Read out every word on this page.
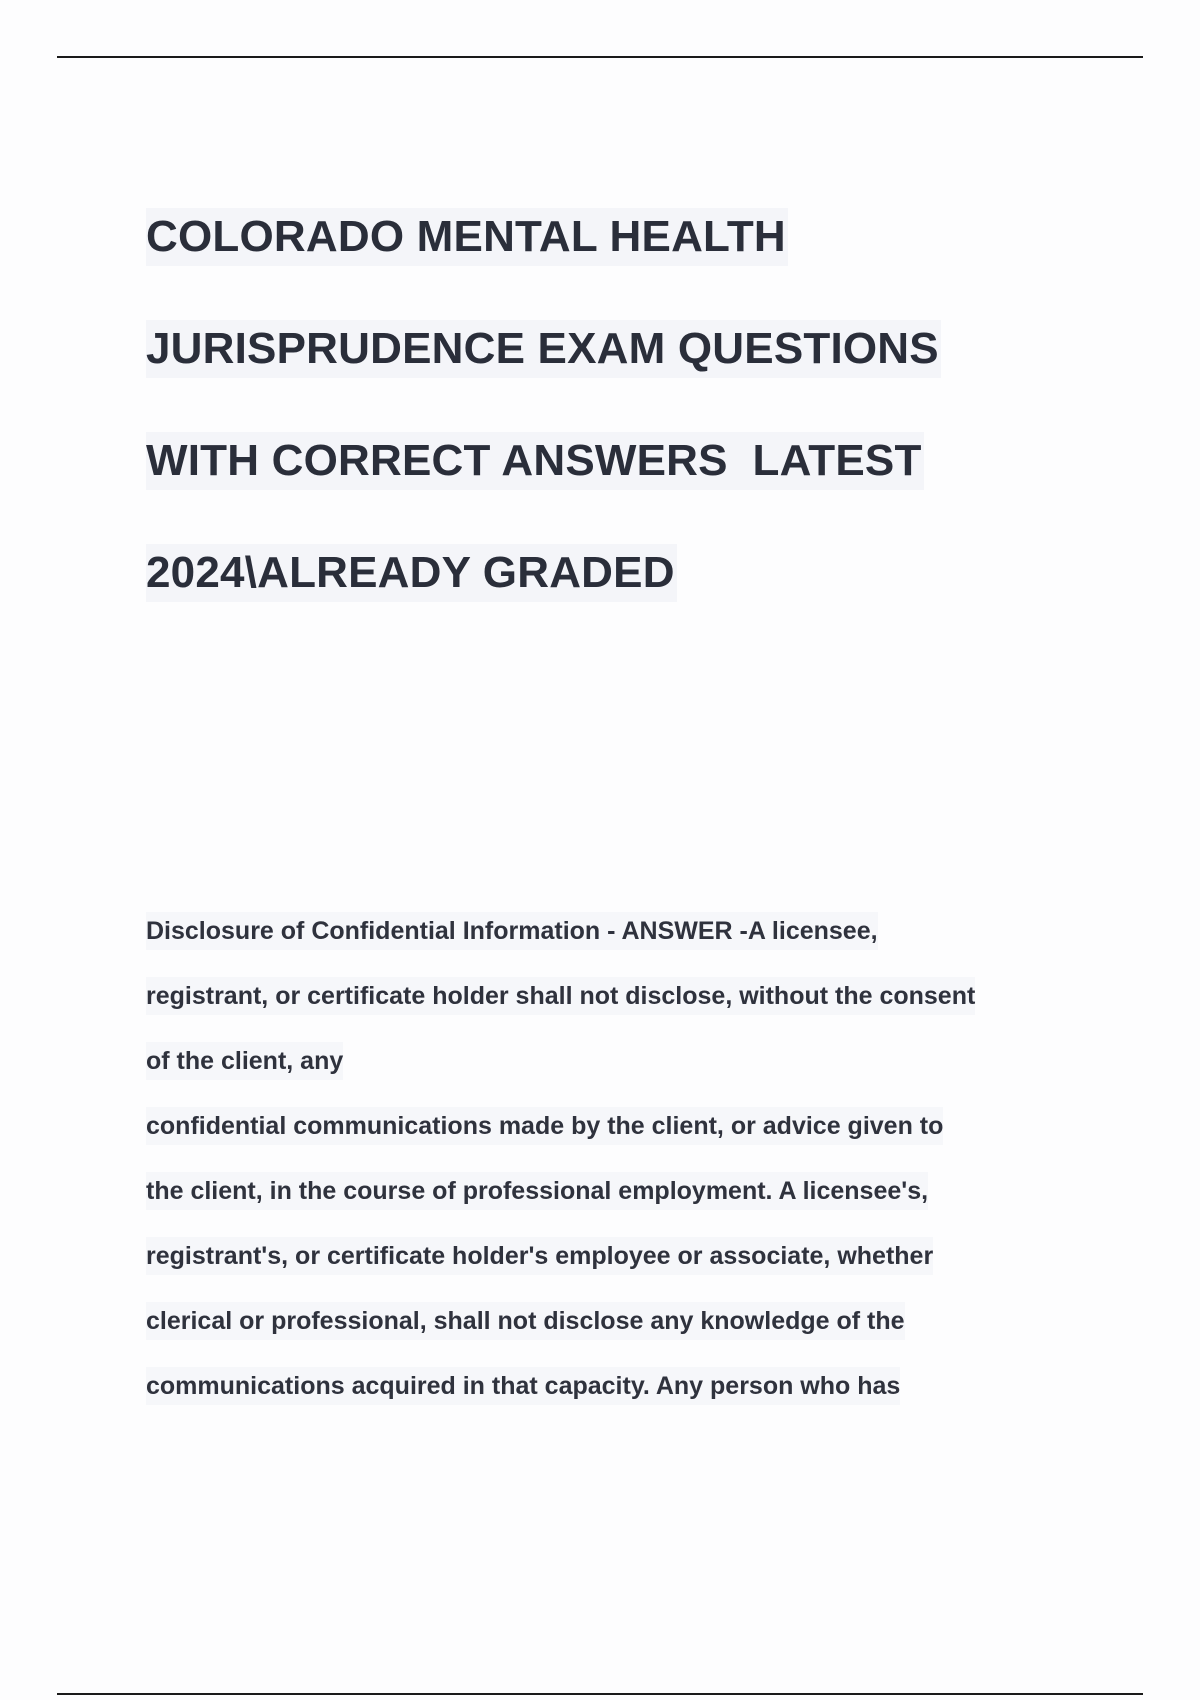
COLORADO MENTAL HEALTH
JURISPRUDENCE EXAM QUESTIONS
WITH CORRECT ANSWERS  LATEST
2024\ALREADY GRADED
Disclosure of Confidential Information - ANSWER -A licensee,
registrant, or certificate holder shall not disclose, without the consent
of the client, any
confidential communications made by the client, or advice given to
the client, in the course of professional employment. A licensee's,
registrant's, or certificate holder's employee or associate, whether
clerical or professional, shall not disclose any knowledge of the
communications acquired in that capacity. Any person who has
